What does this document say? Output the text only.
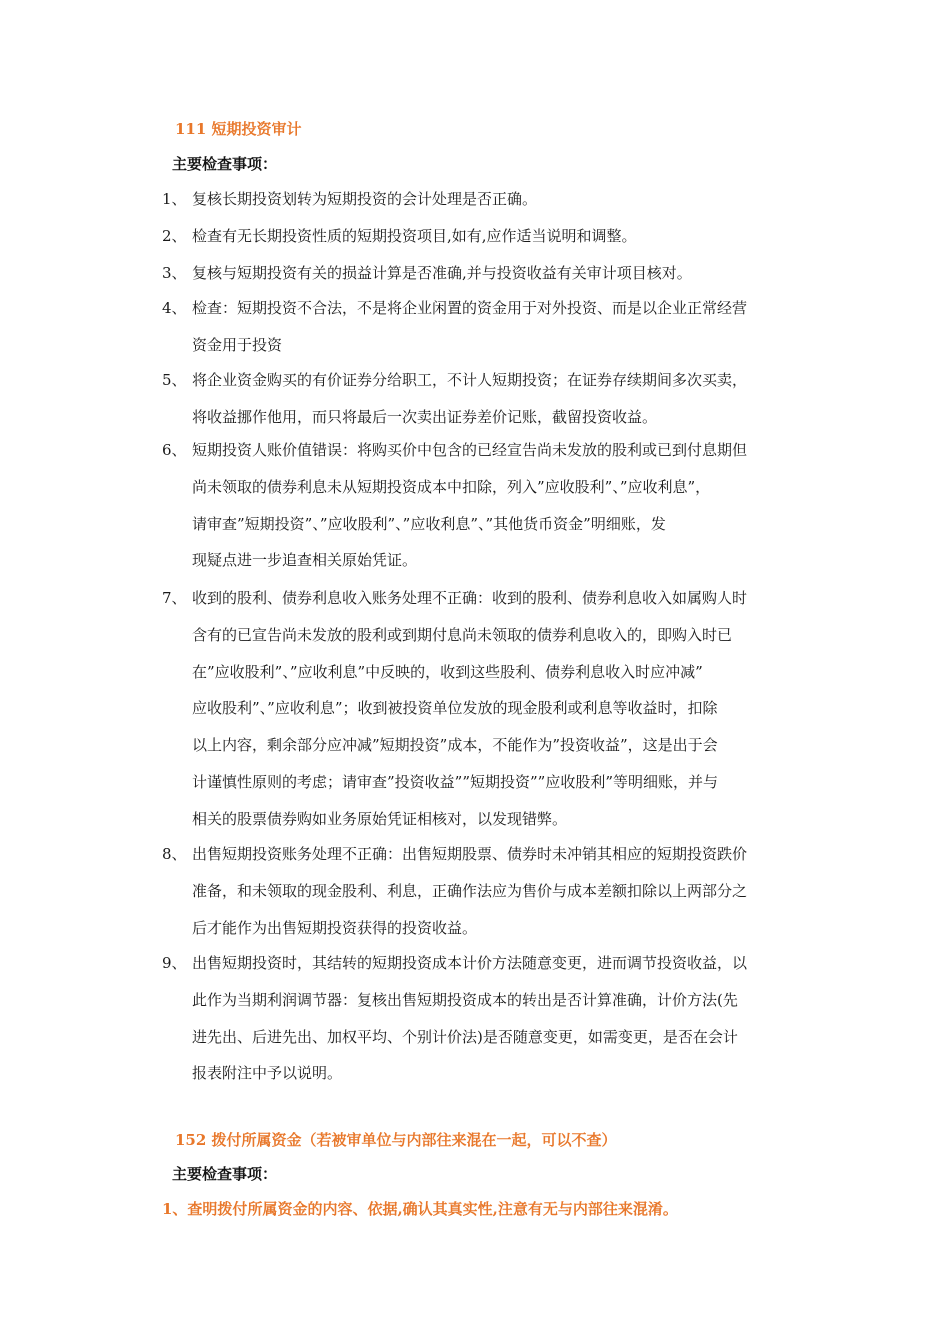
111 短期投资审计
主要检查事项：
1、 复核长期投资划转为短期投资的会计处理是否正确。
2、 检查有无长期投资性质的短期投资项目,如有,应作适当说明和调整。
3、 复核与短期投资有关的损益计算是否准确,并与投资收益有关审计项目核对。
4、 检查：短期投资不合法，不是将企业闲置的资金用于对外投资、而是以企业正常经营
资金用于投资
5、 将企业资金购买的有价证券分给职工，不计人短期投资；在证券存续期间多次买卖，
将收益挪作他用，而只将最后一次卖出证券差价记账，截留投资收益。
6、 短期投资人账价值错误：将购买价中包含的已经宣告尚未发放的股利或已到付息期但
尚未领取的债券利息未从短期投资成本中扣除，列入”应收股利”、”应收利息”，
请审查”短期投资”、”应收股利”、”应收利息”、”其他货币资金”明细账，发
现疑点进一步追查相关原始凭证。
7、 收到的股利、债券利息收入账务处理不正确：收到的股利、债券利息收入如属购人时
含有的已宣告尚未发放的股利或到期付息尚未领取的债券利息收入的，即购入时已
在”应收股利”、”应收利息”中反映的，收到这些股利、债券利息收入时应冲减”
应收股利”、”应收利息”；收到被投资单位发放的现金股利或利息等收益时，扣除
以上内容，剩余部分应冲减”短期投资”成本，不能作为”投资收益”，这是出于会
计谨慎性原则的考虑；请审查”投资收益””短期投资””应收股利”等明细账，并与
相关的股票债券购如业务原始凭证相核对，以发现错弊。
8、 出售短期投资账务处理不正确：出售短期股票、债券时未冲销其相应的短期投资跌价
准备，和未领取的现金股利、利息，正确作法应为售价与成本差额扣除以上两部分之
后才能作为出售短期投资获得的投资收益。
9、 出售短期投资时，其结转的短期投资成本计价方法随意变更，进而调节投资收益，以
此作为当期利润调节器：复核出售短期投资成本的转出是否计算准确，计价方法(先
进先出、后进先出、加权平均、个别计价法)是否随意变更，如需变更，是否在会计
报表附注中予以说明。
152 拨付所属资金（若被审单位与内部往来混在一起，可以不查）
主要检查事项：
1、查明拨付所属资金的内容、依据,确认其真实性,注意有无与内部往来混淆。
